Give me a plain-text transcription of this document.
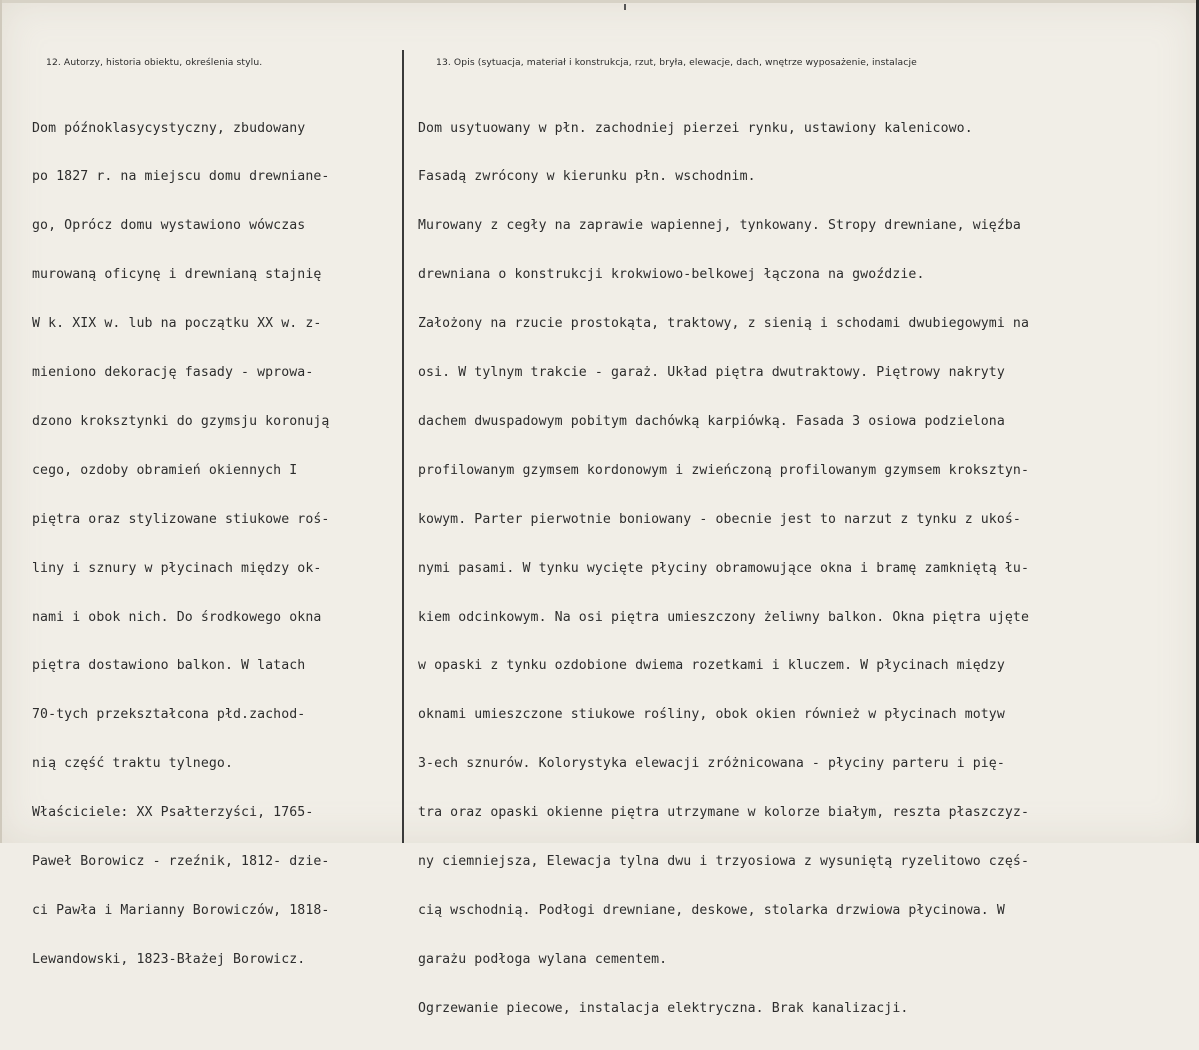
12. Autorzy, historia obiektu, określenia stylu.	13. Opis (sytuacja, materiał i konstrukcja, rzut, bryła, elewacje, dach, wnętrze wyposażenie, instalacje

Dom późnoklasycystyczny, zbudowany

po 1827 r. na miejscu domu drewniane-

go, Oprócz domu wystawiono wówczas

murowaną oficynę i drewnianą stajnię

W k. XIX w. lub na początku XX w. z-

mieniono dekorację fasady - wprowa-

dzono krokszt͏ynki do gzymsju koronują

cego, ozdoby obramień okiennych I

piętra oraz stylizowane stiukowe roś-

liny i sznury w płycinach między ok-

nami i obok nich. Do środkowego okna

piętra dostawiono balkon. W latach

70-tych przekształcona płd.zachod-

nią część traktu tylnego.

Właściciele: XX Psałterzyści, 1765-

Paweł Borowicz - rzeźnik, 1812- dzie-

ci Pawła i Marianny Borowiczów, 1818-

Lewandowski, 1823-Błażej Borowicz.

Dom usytuowany w płn. zachodniej pierzei rynku, ustawiony kalenicowo.

Fasadą zwrócony w kierunku płn. wschodnim.

Murowany z cegły na zaprawie wapiennej, tynkowany. Stropy drewniane, więźba

drewniana o konstrukcji krokwiowo-belkowej łączona na gwoździe.

Założony na rzucie prostokąta, traktowy, z sienią i schodami dwubiegowymi na

osi. W tylnym trakcie - garaż. Układ piętra dwutraktowy. Piętrowy nakryty

dachem dwuspadowym pobitym dachówką karpiówką. Fasada 3 osiowa podzielona

profilowanym gzymsem kordonowym i zwieńczoną profilowanym gzymsem kroksztyn-

kowym. Parter pierwotnie boniowany - obecnie jest to narzut z tynku z ukoś-

nymi pasami. W tynku wycięte płyciny obramowujące okna i bramę zamkniętą łu-

kiem odcinkowym. Na osi piętra umieszczony żeliwny balkon. Okna piętra ujęte

w opaski z tynku ozdobione dwiema rozetkami i kluczem. W płycinach między

oknami umieszczone stiukowe rośliny, obok okien również w płycinach motyw

3-ech sznurów. Kolorystyka elewacji zróżnicowana - płyciny parteru i pię-

tra oraz opaski okienne piętra utrzymane w kolorze białym, reszta płaszczyz-

ny ciemniejsza, Elewacja tylna dwu i trzyosiowa z wysuniętą ryzelitowo częś-

cią wschodnią. Podłogi drewniane, deskowe, stolarka drzwiowa płycinowa. W

garażu podłoga wylana cementem.

Ogrzewanie piecowe, instalacja elektryczna. Brak kanalizacji.
